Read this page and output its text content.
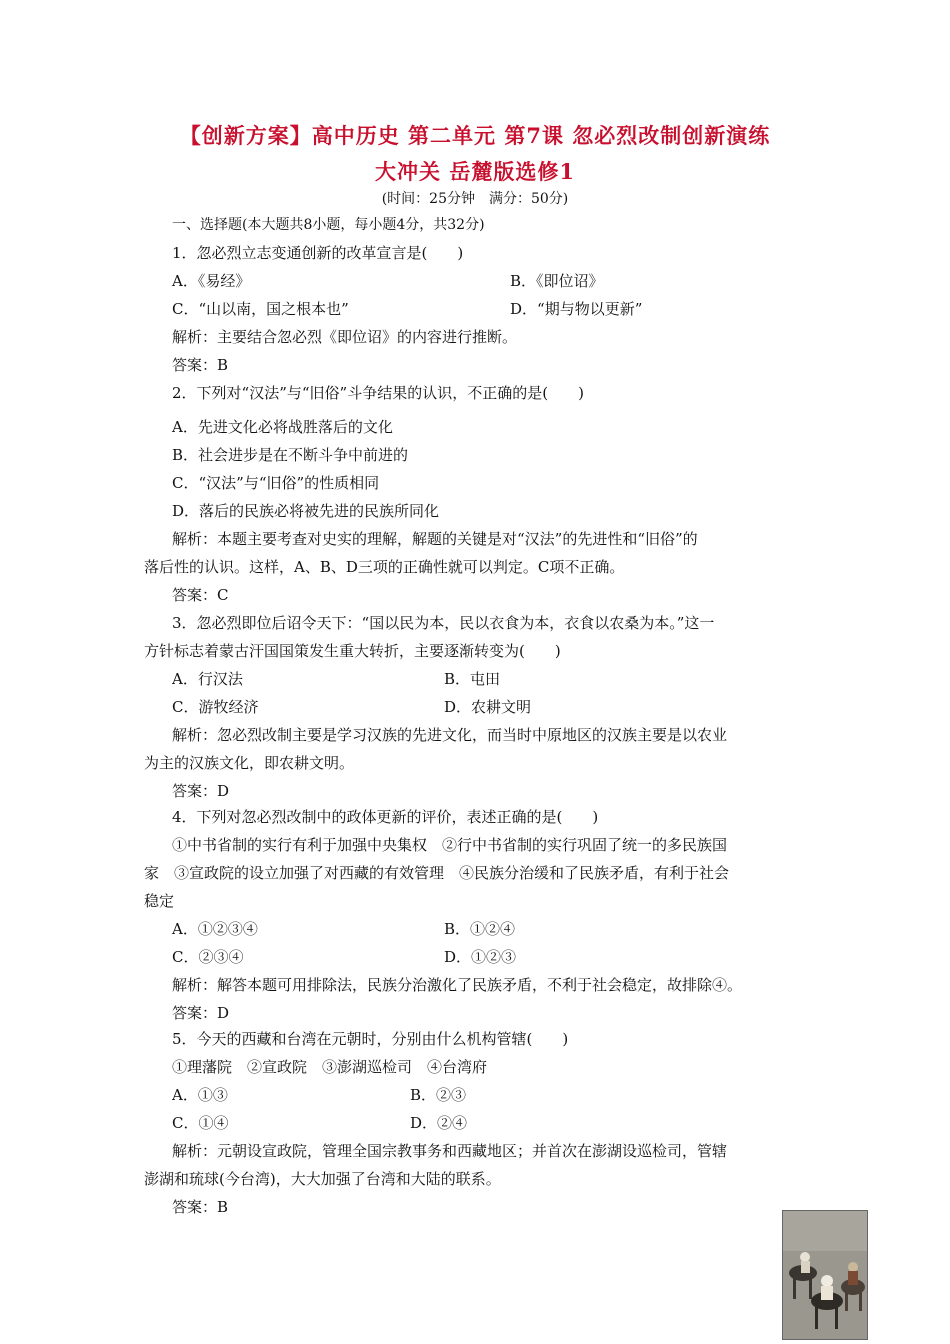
【创新方案】高中历史 第二单元 第7课 忽必烈改制创新演练
大冲关 岳麓版选修1
(时间：25分钟　满分：50分)
一、选择题(本大题共8小题，每小题4分，共32分)
1．忽必烈立志变通创新的改革宣言是(　　)
A．《易经》	B．《即位诏》
C．“山以南，国之根本也”	D．“期与物以更新”
解析：主要结合忽必烈《即位诏》的内容进行推断。
答案：B
2．下列对“汉法”与“旧俗”斗争结果的认识，不正确的是(　　)
A．先进文化必将战胜落后的文化
B．社会进步是在不断斗争中前进的
C．“汉法”与“旧俗”的性质相同
D．落后的民族必将被先进的民族所同化
解析：本题主要考查对史实的理解，解题的关键是对“汉法”的先进性和“旧俗”的
落后性的认识。这样，A、B、D三项的正确性就可以判定。C项不正确。
答案：C
3．忽必烈即位后诏令天下：“国以民为本，民以衣食为本，衣食以农桑为本。”这一
方针标志着蒙古汗国国策发生重大转折，主要逐渐转变为(　　)
A．行汉法	B．屯田
C．游牧经济	D．农耕文明
解析：忽必烈改制主要是学习汉族的先进文化，而当时中原地区的汉族主要是以农业
为主的汉族文化，即农耕文明。
答案：D
4．下列对忽必烈改制中的政体更新的评价，表述正确的是(　　)
①中书省制的实行有利于加强中央集权　②行中书省制的实行巩固了统一的多民族国
家　③宣政院的设立加强了对西藏的有效管理　④民族分治缓和了民族矛盾，有利于社会
稳定
A．①②③④	B．①②④
C．②③④	D．①②③
解析：解答本题可用排除法，民族分治激化了民族矛盾，不利于社会稳定，故排除④。
答案：D
5．今天的西藏和台湾在元朝时，分别由什么机构管辖(　　)
①理藩院　②宣政院　③澎湖巡检司　④台湾府
A．①③	B．②③
C．①④	D．②④
解析：元朝设宣政院，管理全国宗教事务和西藏地区；并首次在澎湖设巡检司，管辖
澎湖和琉球(今台湾)，大大加强了台湾和大陆的联系。
答案：B
